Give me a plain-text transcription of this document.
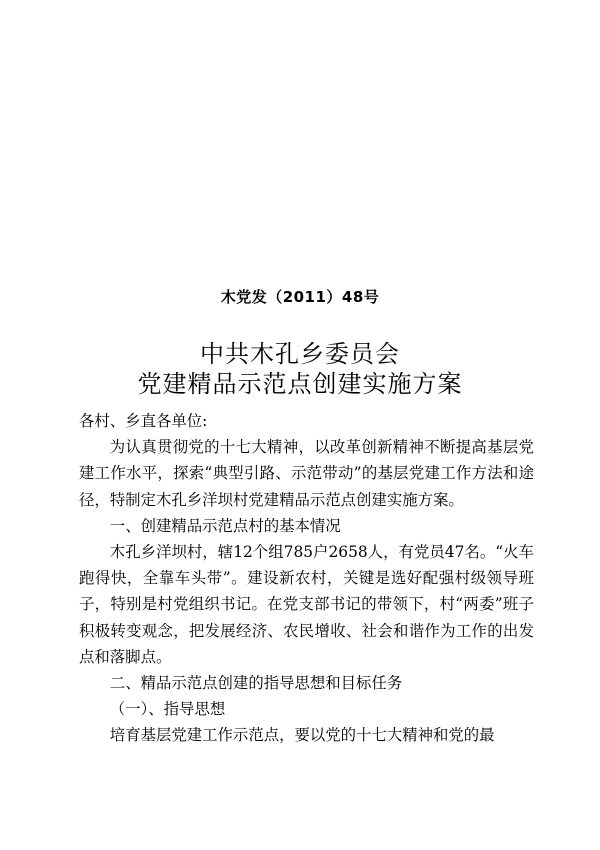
木党发（2011）48号
中共木孔乡委员会
党建精品示范点创建实施方案

各村、乡直各单位:

为认真贯彻党的十七大精神，以改革创新精神不断提高基层党建工作水平，探索“典型引路、示范带动”的基层党建工作方法和途径，特制定木孔乡洋坝村党建精品示范点创建实施方案。

一、创建精品示范点村的基本情况

木孔乡洋坝村，辖12个组785户2658人，有党员47名。“火车跑得快，全靠车头带”。建设新农村，关键是选好配强村级领导班子，特别是村党组织书记。在党支部书记的带领下，村“两委”班子积极转变观念，把发展经济、农民增收、社会和谐作为工作的出发点和落脚点。

二、精品示范点创建的指导思想和目标任务

（一）、指导思想

培育基层党建工作示范点，要以党的十七大精神和党的最
